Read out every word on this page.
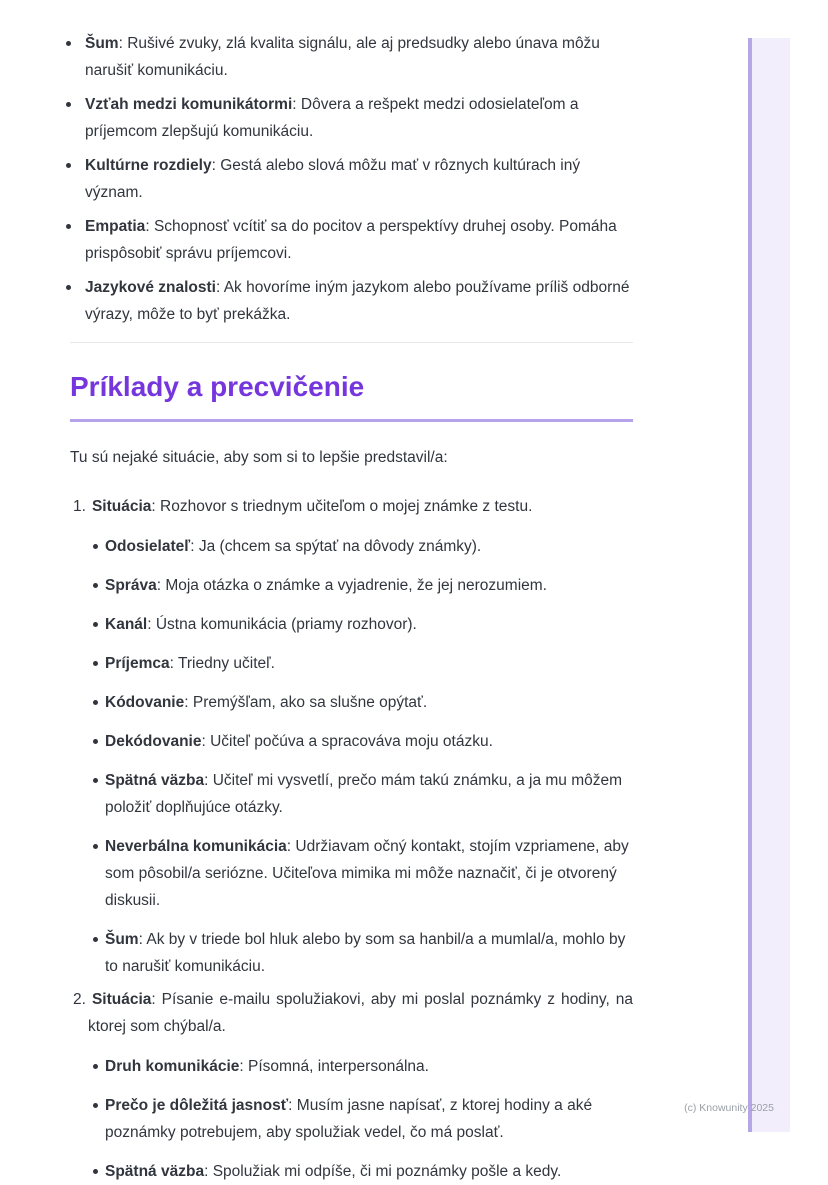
Šum: Rušivé zvuky, zlá kvalita signálu, ale aj predsudky alebo únava môžu narušiť komunikáciu.
Vzťah medzi komunikátormi: Dôvera a rešpekt medzi odosielateľom a príjemcom zlepšujú komunikáciu.
Kultúrne rozdiely: Gestá alebo slová môžu mať v rôznych kultúrach iný význam.
Empatia: Schopnosť vcítiť sa do pocitov a perspektívy druhej osoby. Pomáha prispôsobiť správu príjemcovi.
Jazykové znalosti: Ak hovoríme iným jazykom alebo používame príliš odborné výrazy, môže to byť prekážka.
Príklady a precvičenie

Tu sú nejaké situácie, aby som si to lepšie predstavil/a:

1. Situácia: Rozhovor s triednym učiteľom o mojej známke z testu.
Odosielateľ: Ja (chcem sa spýtať na dôvody známky).
Správa: Moja otázka o známke a vyjadrenie, že jej nerozumiem.
Kanál: Ústna komunikácia (priamy rozhovor).
Príjemca: Triedny učiteľ.
Kódovanie: Premýšľam, ako sa slušne opýtať.
Dekódovanie: Učiteľ počúva a spracováva moju otázku.
Spätná väzba: Učiteľ mi vysvetlí, prečo mám takú známku, a ja mu môžem položiť doplňujúce otázky.
Neverbálna komunikácia: Udržiavam očný kontakt, stojím vzpriamene, aby som pôsobil/a seriózne. Učiteľova mimika mi môže naznačiť, či je otvorený diskusii.
Šum: Ak by v triede bol hluk alebo by som sa hanbil/a a mumlal/a, mohlo by to narušiť komunikáciu.
2. Situácia: Písanie e-mailu spolužiakovi, aby mi poslal poznámky z hodiny, na ktorej som chýbal/a.
Druh komunikácie: Písomná, interpersonálna.
Prečo je dôležitá jasnosť: Musím jasne napísať, z ktorej hodiny a aké poznámky potrebujem, aby spolužiak vedel, čo má poslať.
Spätná väzba: Spolužiak mi odpíše, či mi poznámky pošle a kedy.
(c) Knowunity 2025
